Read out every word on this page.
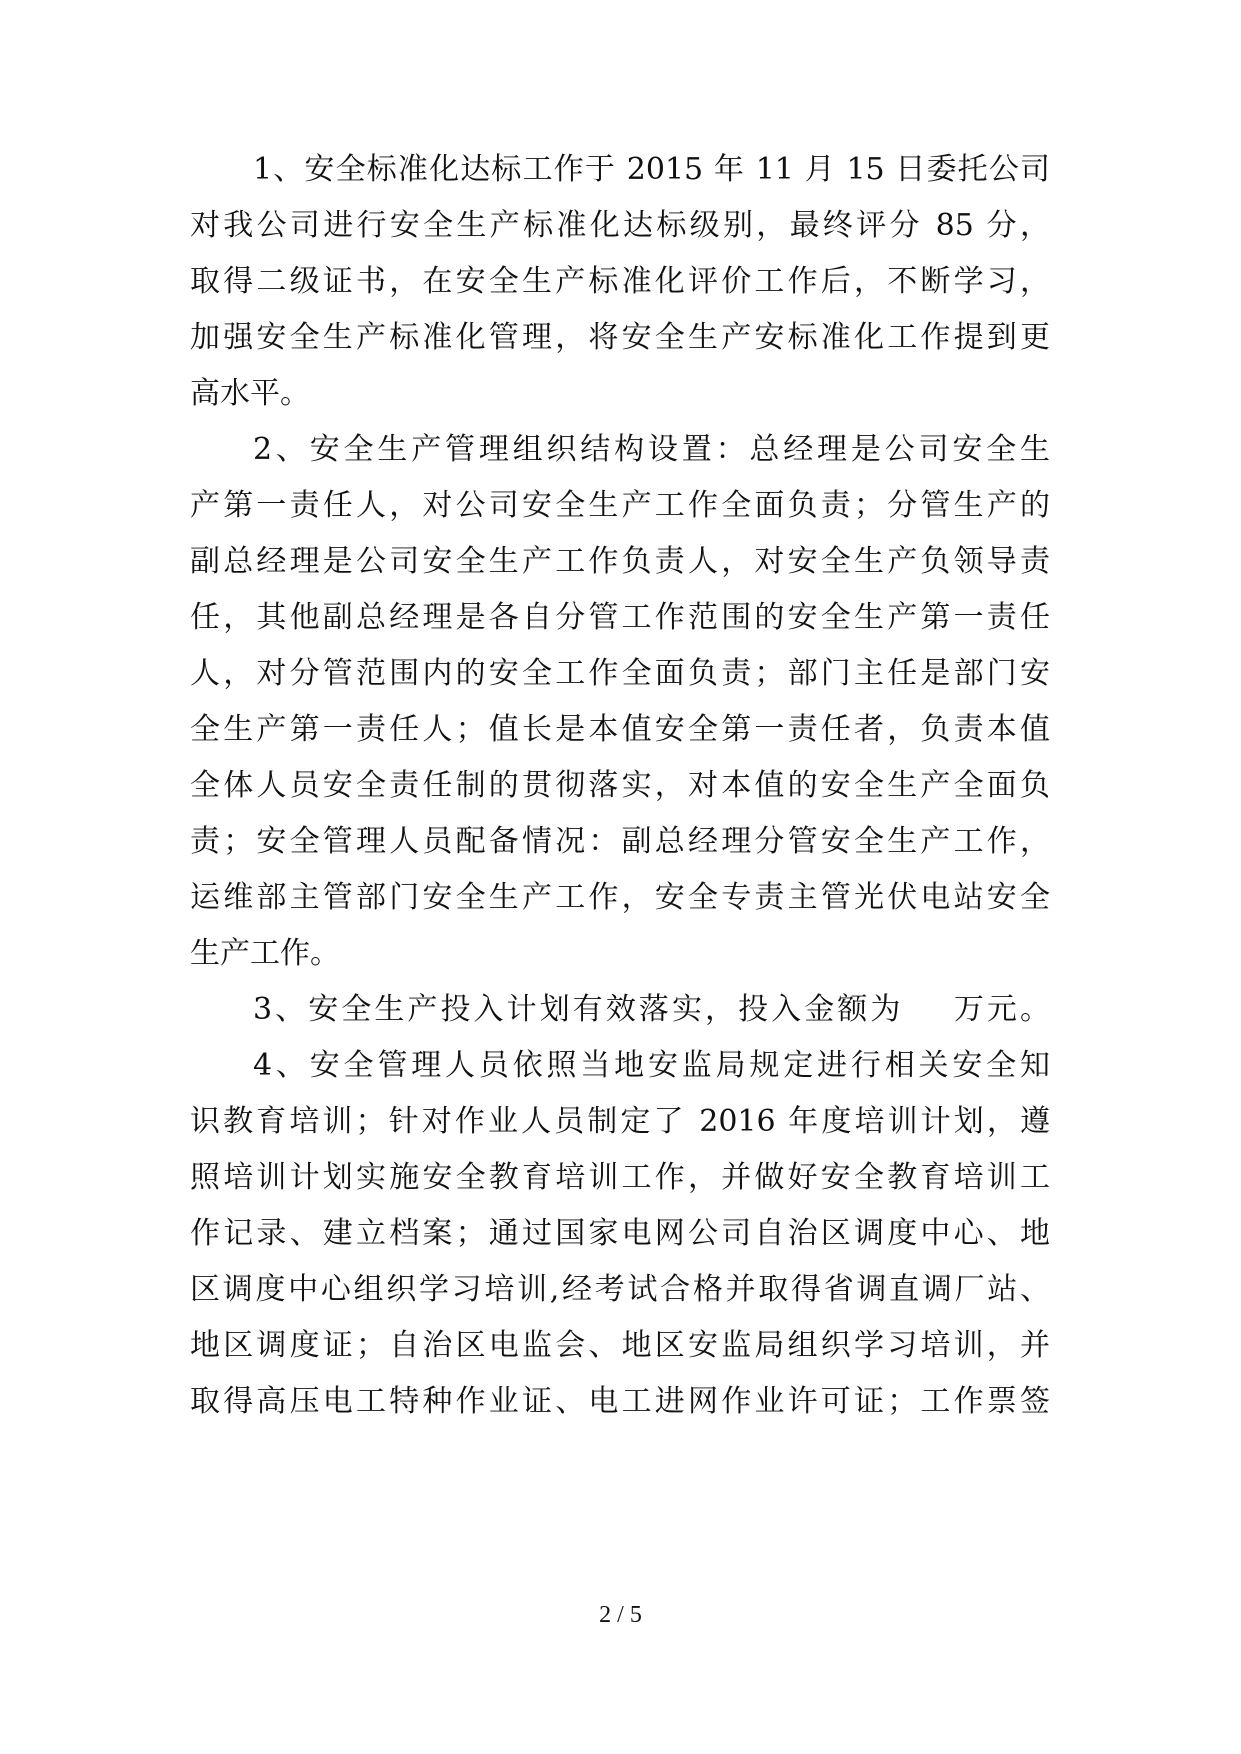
1、安全标准化达标工作于 2015 年 11 月 15 日委托公司
对我公司进行安全生产标准化达标级别，最终评分 85 分，
取得二级证书，在安全生产标准化评价工作后，不断学习，
加强安全生产标准化管理，将安全生产安标准化工作提到更
高水平。
2、安全生产管理组织结构设置：总经理是公司安全生
产第一责任人，对公司安全生产工作全面负责；分管生产的
副总经理是公司安全生产工作负责人，对安全生产负领导责
任，其他副总经理是各自分管工作范围的安全生产第一责任
人，对分管范围内的安全工作全面负责；部门主任是部门安
全生产第一责任人；值长是本值安全第一责任者，负责本值
全体人员安全责任制的贯彻落实，对本值的安全生产全面负
责；安全管理人员配备情况：副总经理分管安全生产工作，
运维部主管部门安全生产工作，安全专责主管光伏电站安全
生产工作。
3、安全生产投入计划有效落实，投入金额为    万元。
4、安全管理人员依照当地安监局规定进行相关安全知
识教育培训；针对作业人员制定了 2016 年度培训计划，遵
照培训计划实施安全教育培训工作，并做好安全教育培训工
作记录、建立档案；通过国家电网公司自治区调度中心、地
区调度中心组织学习培训,经考试合格并取得省调直调厂站、
地区调度证；自治区电监会、地区安监局组织学习培训，并
取得高压电工特种作业证、电工进网作业许可证；工作票签
2 / 5
